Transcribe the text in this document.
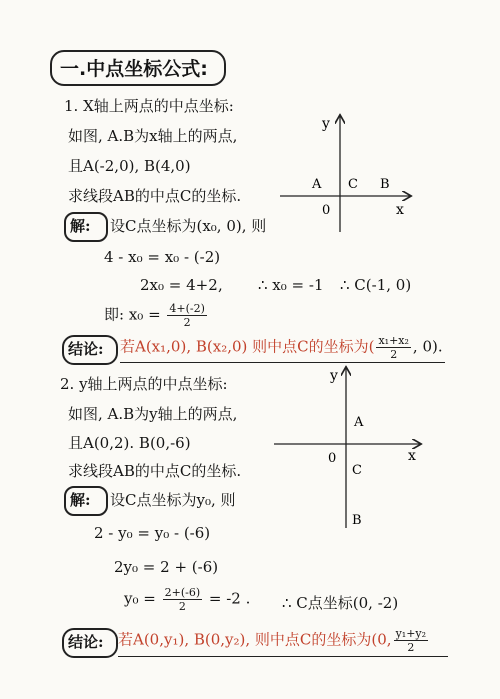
一.中点坐标公式:
1. X轴上两点的中点坐标:
如图, A.B为x轴上的两点,
且A(-2,0), B(4,0)
求线段AB的中点C的坐标.
解: 设C点坐标为(x₀, 0), 则
4 - x₀ = x₀ - (-2)
2x₀ = 4+2 , ∴ x₀ = -1 ∴ C(-1, 0)
即: $x_0 = \frac{4+(-2)}{2}$
结论: 若A(x₁,0), B(x₂,0) 则中点C的坐标为( $\frac{\text{x₁+x₂}}{2}$ , 0).
y
x
0
A C B
2. y轴上两点的中点坐标:
如图, A.B为y轴上的两点,
且A(0,2). B(0,-6)
求线段AB的中点C的坐标.
解: 设C点坐标为y₀, 则
2 - y₀ = y₀ - (-6)
2y₀ = 2 + (-6)
$y_0 = \frac{2+(-6)}{2} = -2$ . ∴ C点坐标(0, -2)
结论: 若A(0,y₁), B(0,y₂), 则中点C的坐标为(0, $\frac{\text{y₁+y₂}}{2}$
y
x
0
A
C
B
